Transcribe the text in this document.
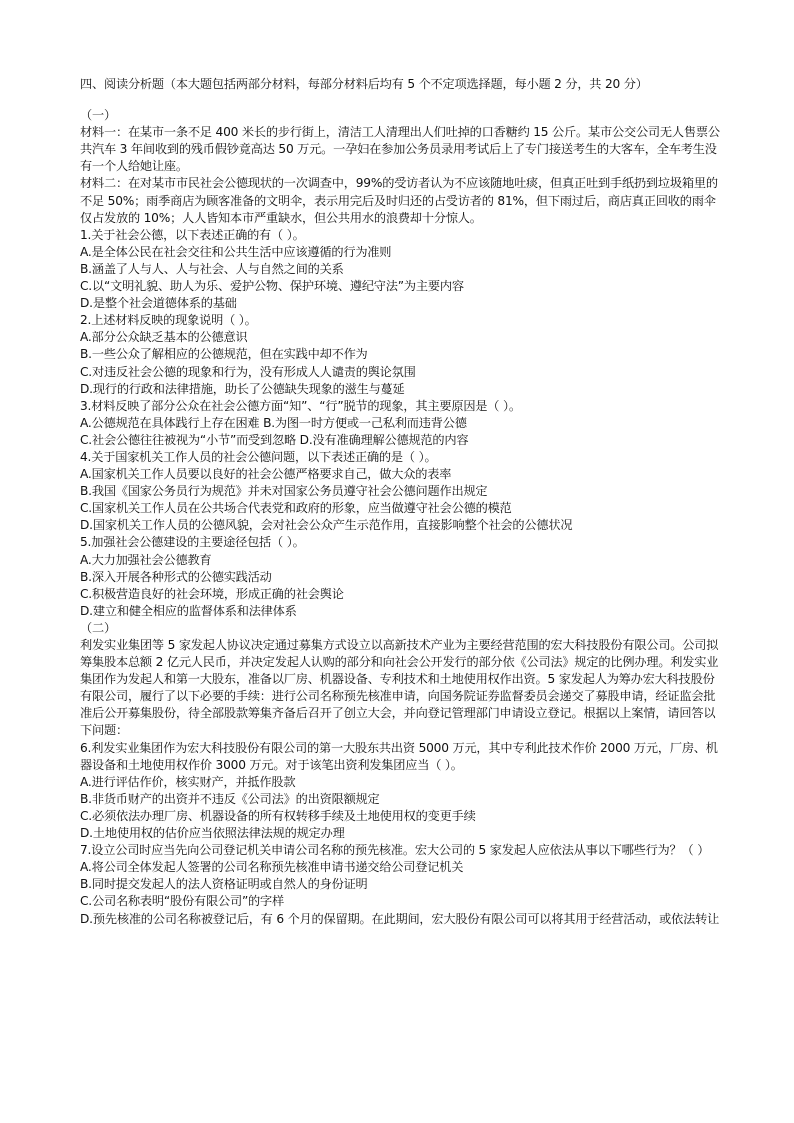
四、阅读分析题（本大题包括两部分材料，每部分材料后均有 5 个不定项选择题，每小题 2 分，共 20 分）
（一）
材料一：在某市一条不足 400 米长的步行街上，清洁工人清理出人们吐掉的口香糖约 15 公斤。某市公交公司无人售票公共汽车 3 年间收到的残币假钞竟高达 50 万元。一孕妇在参加公务员录用考试后上了专门接送考生的大客车，全车考生没有一个人给她让座。
材料二：在对某市市民社会公德现状的一次调查中，99%的受访者认为不应该随地吐痰，但真正吐到手纸扔到垃圾箱里的不足 50%；雨季商店为顾客准备的文明伞，表示用完后及时归还的占受访者的 81%，但下雨过后，商店真正回收的雨伞仅占发放的 10%；人人皆知本市严重缺水，但公共用水的浪费却十分惊人。
1.关于社会公德，以下表述正确的有（ ）。
A.是全体公民在社会交往和公共生活中应该遵循的行为准则
B.涵盖了人与人、人与社会、人与自然之间的关系
C.以“文明礼貌、助人为乐、爱护公物、保护环境、遵纪守法”为主要内容
D.是整个社会道德体系的基础
2.上述材料反映的现象说明（ ）。
A.部分公众缺乏基本的公德意识
B.一些公众了解相应的公德规范，但在实践中却不作为
C.对违反社会公德的现象和行为，没有形成人人谴责的舆论氛围
D.现行的行政和法律措施，助长了公德缺失现象的滋生与蔓延
3.材料反映了部分公众在社会公德方面“知”、“行”脱节的现象，其主要原因是（ ）。
A.公德规范在具体践行上存在困难 B.为图一时方便或一己私利而违背公德
C.社会公德往往被视为“小节”而受到忽略 D.没有准确理解公德规范的内容
4.关于国家机关工作人员的社会公德问题，以下表述正确的是（ ）。
A.国家机关工作人员要以良好的社会公德严格要求自己，做大众的表率
B.我国《国家公务员行为规范》并未对国家公务员遵守社会公德问题作出规定
C.国家机关工作人员在公共场合代表党和政府的形象，应当做遵守社会公德的模范
D.国家机关工作人员的公德风貌，会对社会公众产生示范作用，直接影响整个社会的公德状况
5.加强社会公德建设的主要途径包括（ ）。
A.大力加强社会公德教育
B.深入开展各种形式的公德实践活动
C.积极营造良好的社会环境，形成正确的社会舆论
D.建立和健全相应的监督体系和法律体系
（二）
利发实业集团等 5 家发起人协议决定通过募集方式设立以高新技术产业为主要经营范围的宏大科技股份有限公司。公司拟筹集股本总额 2 亿元人民币，并决定发起人认购的部分和向社会公开发行的部分依《公司法》规定的比例办理。利发实业集团作为发起人和第一大股东，准备以厂房、机器设备、专利技术和土地使用权作出资。5 家发起人为筹办宏大科技股份有限公司，履行了以下必要的手续：进行公司名称预先核准申请，向国务院证券监督委员会递交了募股申请，经证监会批准后公开募集股份，待全部股款筹集齐备后召开了创立大会，并向登记管理部门申请设立登记。根据以上案情，请回答以下问题：
6.利发实业集团作为宏大科技股份有限公司的第一大股东共出资 5000 万元，其中专利此技术作价 2000 万元，厂房、机器设备和土地使用权作价 3000 万元。对于该笔出资利发集团应当（ ）。
A.进行评估作价，核实财产，并抵作股款
B.非货币财产的出资并不违反《公司法》的出资限额规定
C.必须依法办理厂房、机器设备的所有权转移手续及土地使用权的变更手续
D.土地使用权的估价应当依照法律法规的规定办理
7.设立公司时应当先向公司登记机关申请公司名称的预先核准。宏大公司的 5 家发起人应依法从事以下哪些行为？（ ）
A.将公司全体发起人签署的公司名称预先核准申请书递交给公司登记机关
B.同时提交发起人的法人资格证明或自然人的身份证明
C.公司名称表明“股份有限公司”的字样
D.预先核准的公司名称被登记后，有 6 个月的保留期。在此期间，宏大股份有限公司可以将其用于经营活动，或依法转让
